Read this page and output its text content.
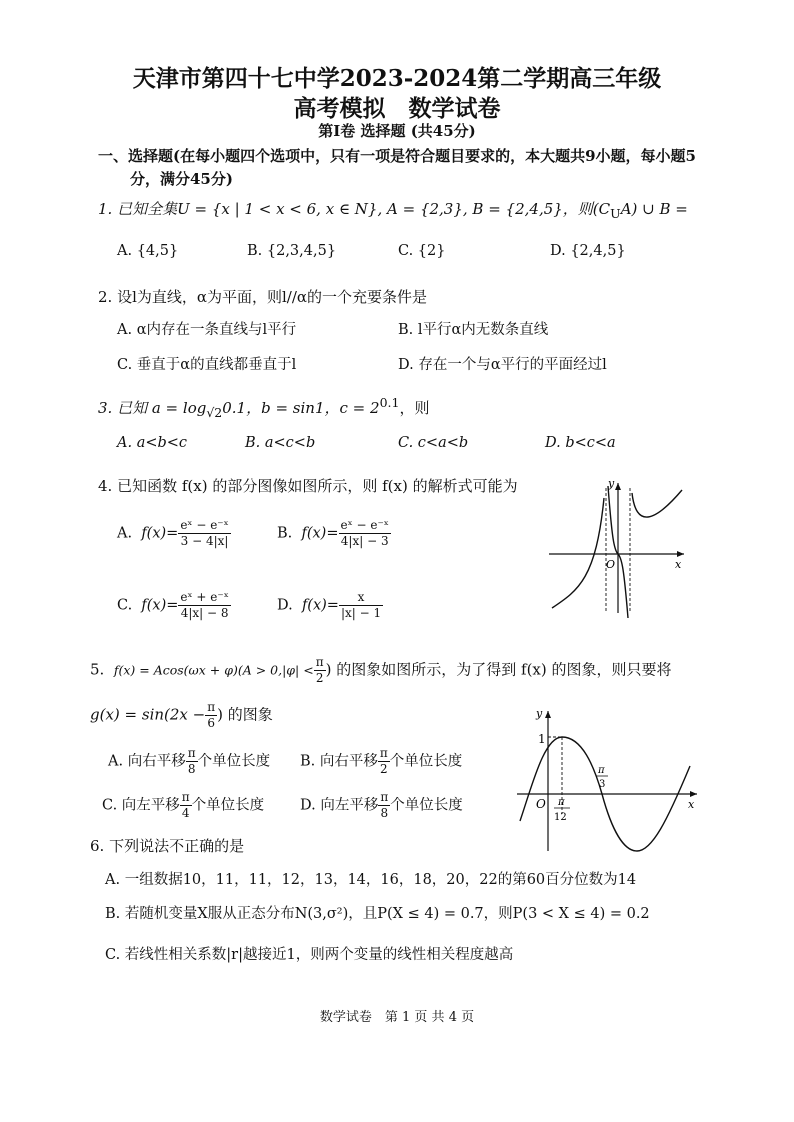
天津市第四十七中学2023-2024第二学期高三年级
高考模拟　数学试卷
第Ⅰ卷 选择题 (共45分)
一、选择题(在每小题四个选项中，只有一项是符合题目要求的，本大题共9小题，每小题5
分，满分45分)
1. 已知全集U = {x | 1 < x < 6, x ∈ N}, A = {2,3}, B = {2,4,5}，则$(C_UA)$ ∪ B =
A. {4,5}	B. {2,3,4,5}	C. {2}	D. {2,4,5}
2. 设l为直线，α为平面，则l//α的一个充要条件是
A. α内存在一条直线与l平行	B. l平行α内无数条直线
C. 垂直于α的直线都垂直于l	D. 存在一个与α平行的平面经过l
3. 已知 $a = \log_{√2}0.1$，b = sin1，$c = 2^{0.1}$，则
A. a<b<c	B. a<c<b	C. c<a<b	D. b<c<a
4. 已知函数 f(x) 的部分图像如图所示，则 f(x) 的解析式可能为
A. $f(x)= \frac{\text{eˣ − e⁻ˣ}}{3 - 4|x|}$	B. $f(x)= \frac{\text{eˣ − e⁻ˣ}}{4|x| - 3}$
C. $f(x)= \frac{\text{eˣ + e⁻ˣ}}{4|x| - 8}$	D. $f(x)= \frac{x}{|x| - 1}$
y
x
O
5. $f(x) = Acos(\omega x + \varphi)(A > 0,|\varphi| < \frac{\pi}{2}$ ) 的图象如图所示，为了得到 f(x) 的图象，则只要将
$g(x) = \sin(2x - \frac{\pi}{6}$ ) 的图象
A. 向右平移 $\frac{\pi}{8}$ 个单位长度 B. 向右平移 $\frac{\pi}{2}$ 个单位长度
C. 向左平移 $\frac{\pi}{4}$ 个单位长度 D. 向左平移 $\frac{\pi}{8}$ 个单位长度
y
x
O
1
π
12
π
3
6. 下列说法不正确的是
A. 一组数据10，11，11，12，13，14，16，18，20，22的第60百分位数为14
B. 若随机变量X服从正态分布N(3,σ²)，且P(X ≤ 4) = 0.7，则P(3 < X ≤ 4) = 0.2
C. 若线性相关系数|r|越接近1，则两个变量的线性相关程度越高
数学试卷　第 1 页 共 4 页
